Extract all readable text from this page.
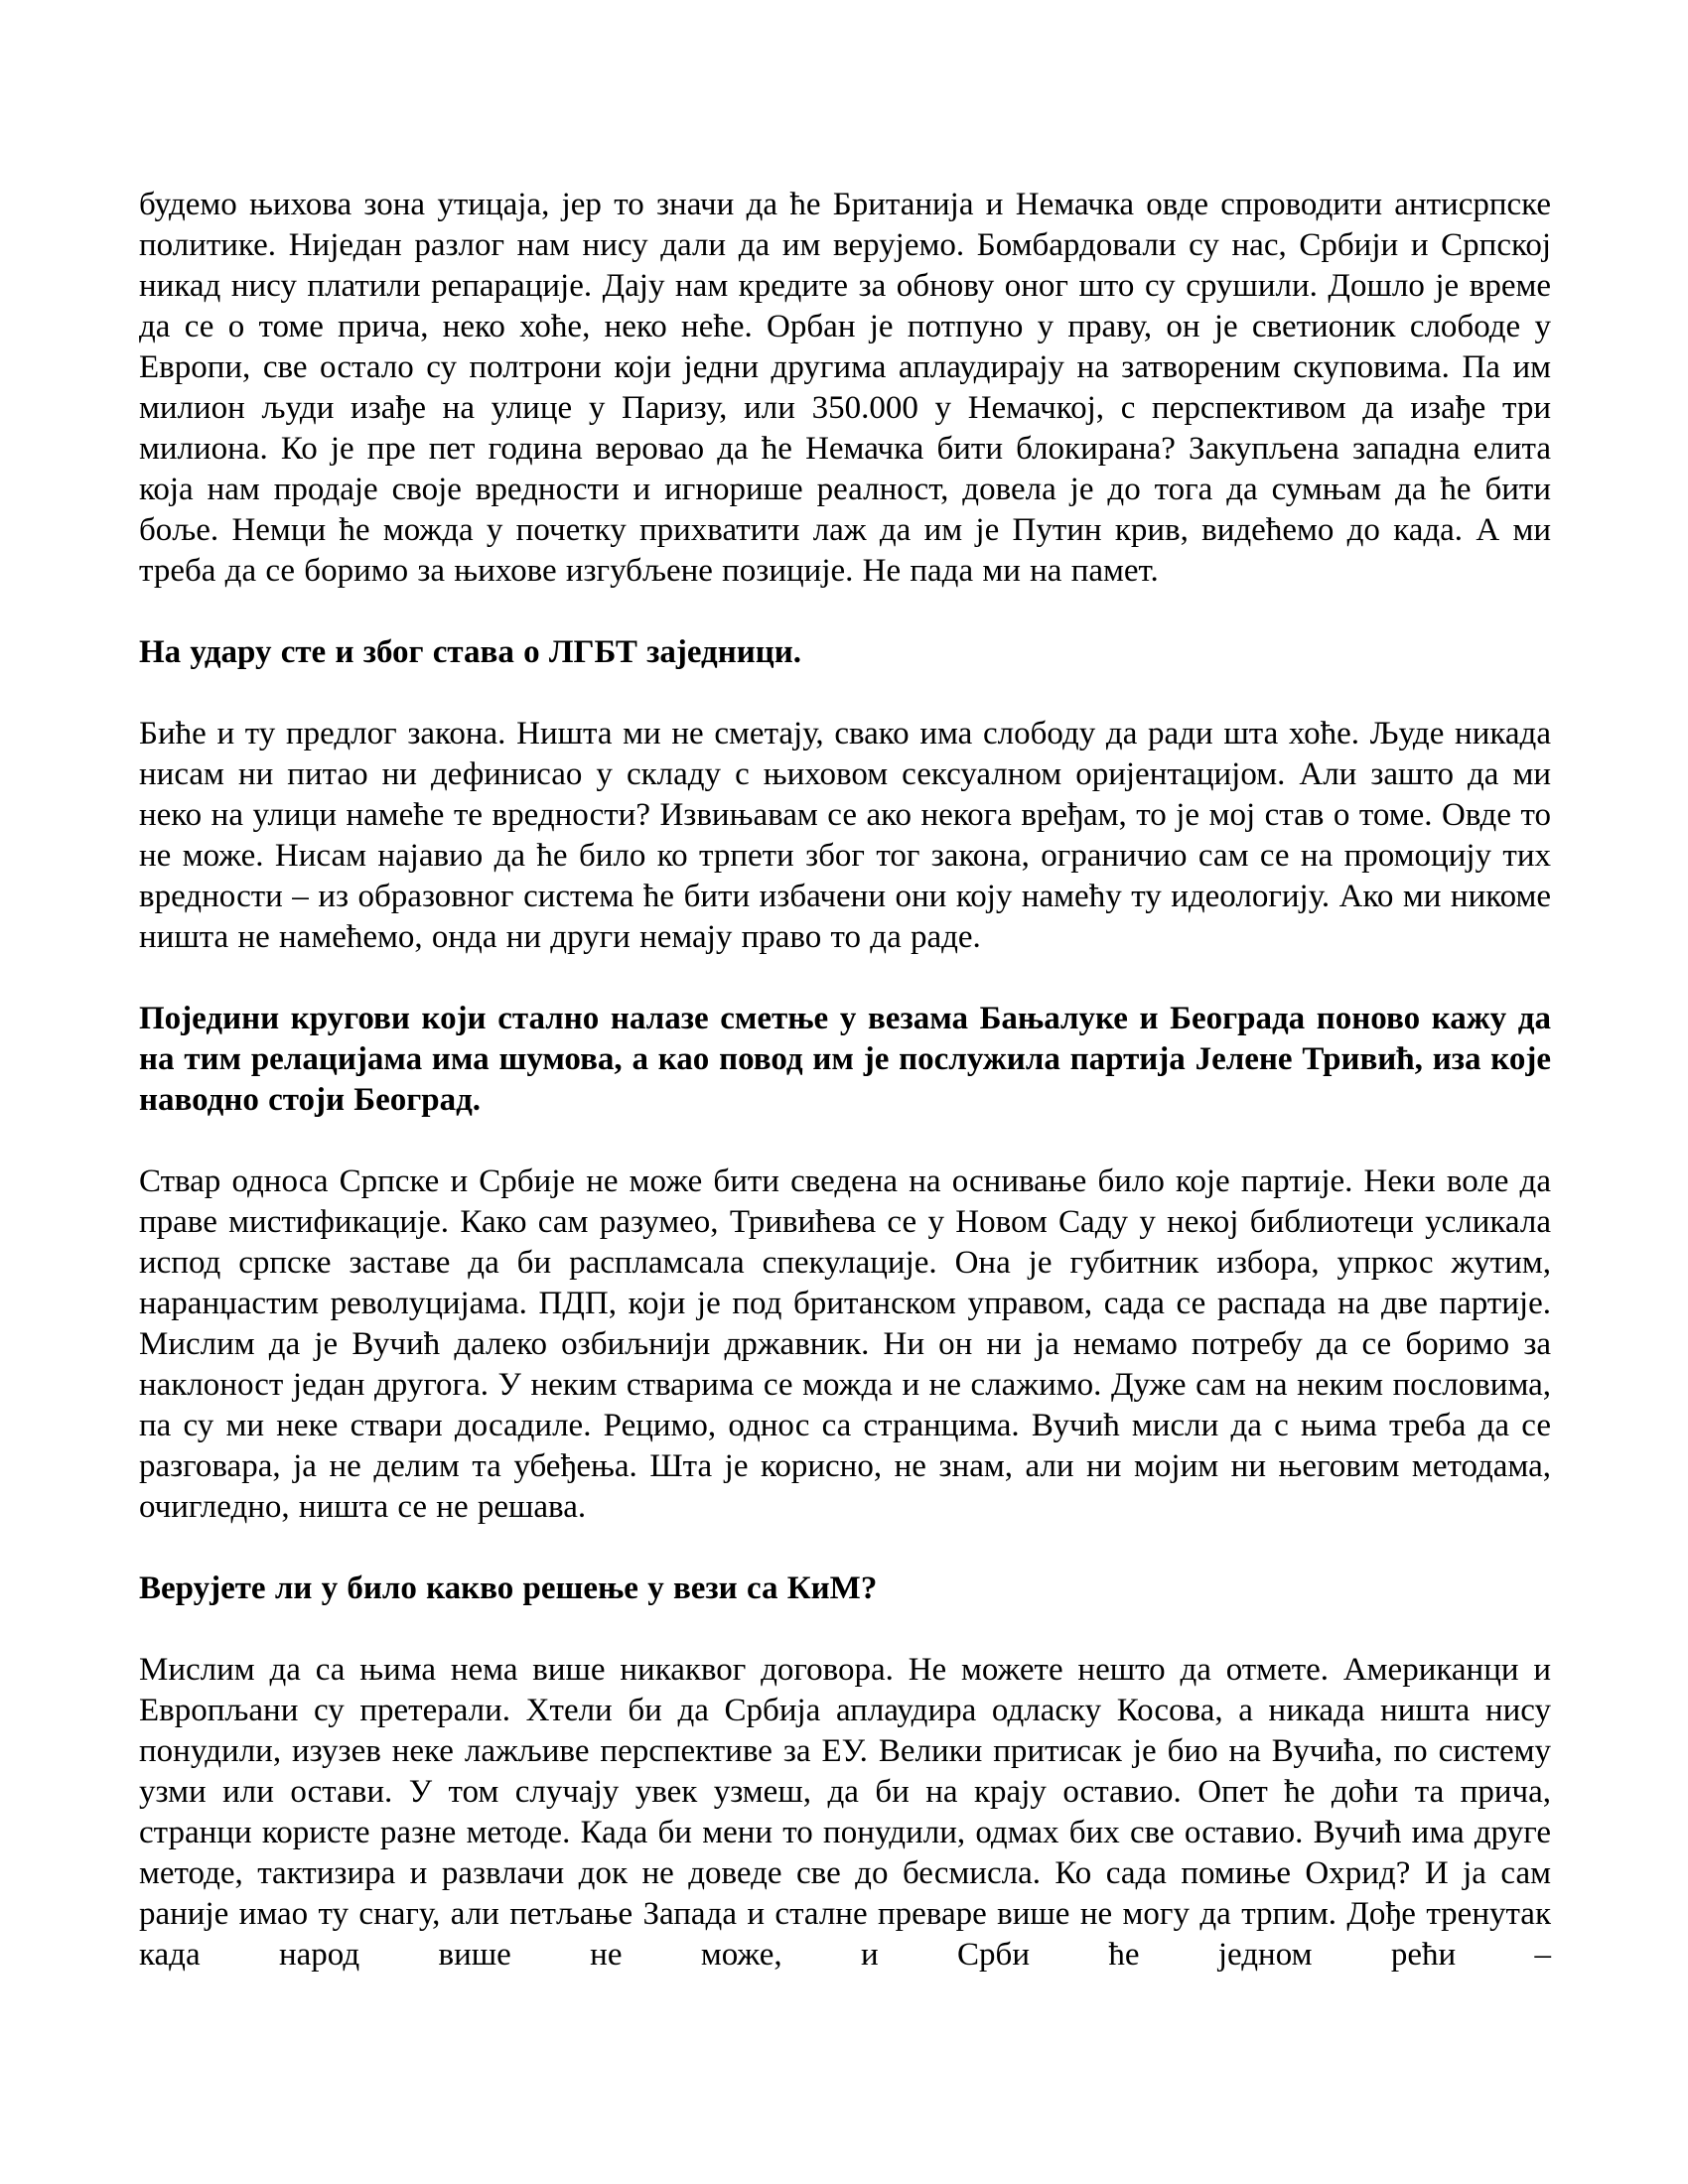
будемо њихова зона утицаја, јер то значи да ће Британија и Немачка овде спроводити антисрпске политике. Ниједан разлог нам нису дали да им верујемо. Бомбардовали су нас, Србији и Српској никад нису платили репарације. Дају нам кредите за обнову оног што су срушили. Дошло је време да се о томе прича, неко хоће, неко неће. Орбан је потпуно у праву, он је светионик слободе у Европи, све остало су полтрони који једни другима аплаудирају на затвореним скуповима. Па им милион људи изађе на улице у Паризу, или 350.000 у Немачкој, с перспективом да изађе три милиона. Ко је пре пет година веровао да ће Немачка бити блокирана? Закупљена западна елита која нам продаје своје вредности и игнорише реалност, довела је до тога да сумњам да ће бити боље. Немци ће можда у почетку прихватити лаж да им је Путин крив, видећемо до када. А ми треба да се боримо за њихове изгубљене позиције. Не пада ми на памет.

На удару сте и због става о ЛГБТ заједници.

Биће и ту предлог закона. Ништа ми не сметају, свако има слободу да ради шта хоће. Људе никада нисам ни питао ни дефинисао у складу с њиховом сексуалном оријентацијом. Али зашто да ми неко на улици намеће те вредности? Извињавам се ако некога вређам, то је мој став о томе. Овде то не може. Нисам најавио да ће било ко трпети због тог закона, ограничио сам се на промоцију тих вредности – из образовног система ће бити избачени они коју намећу ту идеологију. Ако ми никоме ништа не намећемо, онда ни други немају право то да раде.

Поједини кругови који стално налазе сметње у везама Бањалуке и Београда поново кажу да на тим релацијама има шумова, а као повод им је послужила партија Јелене Тривић, иза које наводно стоји Београд.

Ствар односа Српске и Србије не може бити сведена на оснивање било које партије. Неки воле да праве мистификације. Како сам разумео, Тривићева се у Новом Саду у некој библиотеци усликала испод српске заставе да би распламсала спекулације. Она је губитник избора, упркос жутим, наранџастим револуцијама. ПДП, који је под британском управом, сада се распада на две партије. Мислим да је Вучић далеко озбиљнији државник. Ни он ни ја немамо потребу да се боримо за наклоност један другога. У неким стварима се можда и не слажимо. Дуже сам на неким пословима, па су ми неке ствари досадиле. Рецимо, однос са странцима. Вучић мисли да с њима треба да се разговара, ја не делим та убеђења. Шта је корисно, не знам, али ни мојим ни његовим методама, очигледно, ништа се не решава.

Верујете ли у било какво решење у вези са КиМ?

Мислим да са њима нема више никаквог договора. Не можете нешто да отмете. Американци и Европљани су претерали. Хтели би да Србија аплаудира одласку Косова, а никада ништа нису понудили, изузев неке лажљиве перспективе за ЕУ. Велики притисак је био на Вучића, по систему узми или остави. У том случају увек узмеш, да би на крају оставио. Опет ће доћи та прича, странци користе разне методе. Када би мени то понудили, одмах бих све оставио. Вучић има друге методе, тактизира и развлачи док не доведе све до бесмисла. Ко сада помиње Охрид? И ја сам раније имао ту снагу, али петљање Запада и сталне преваре више не могу да трпим. Дође тренутак када народ више не може, и Срби ће једном рећи –
